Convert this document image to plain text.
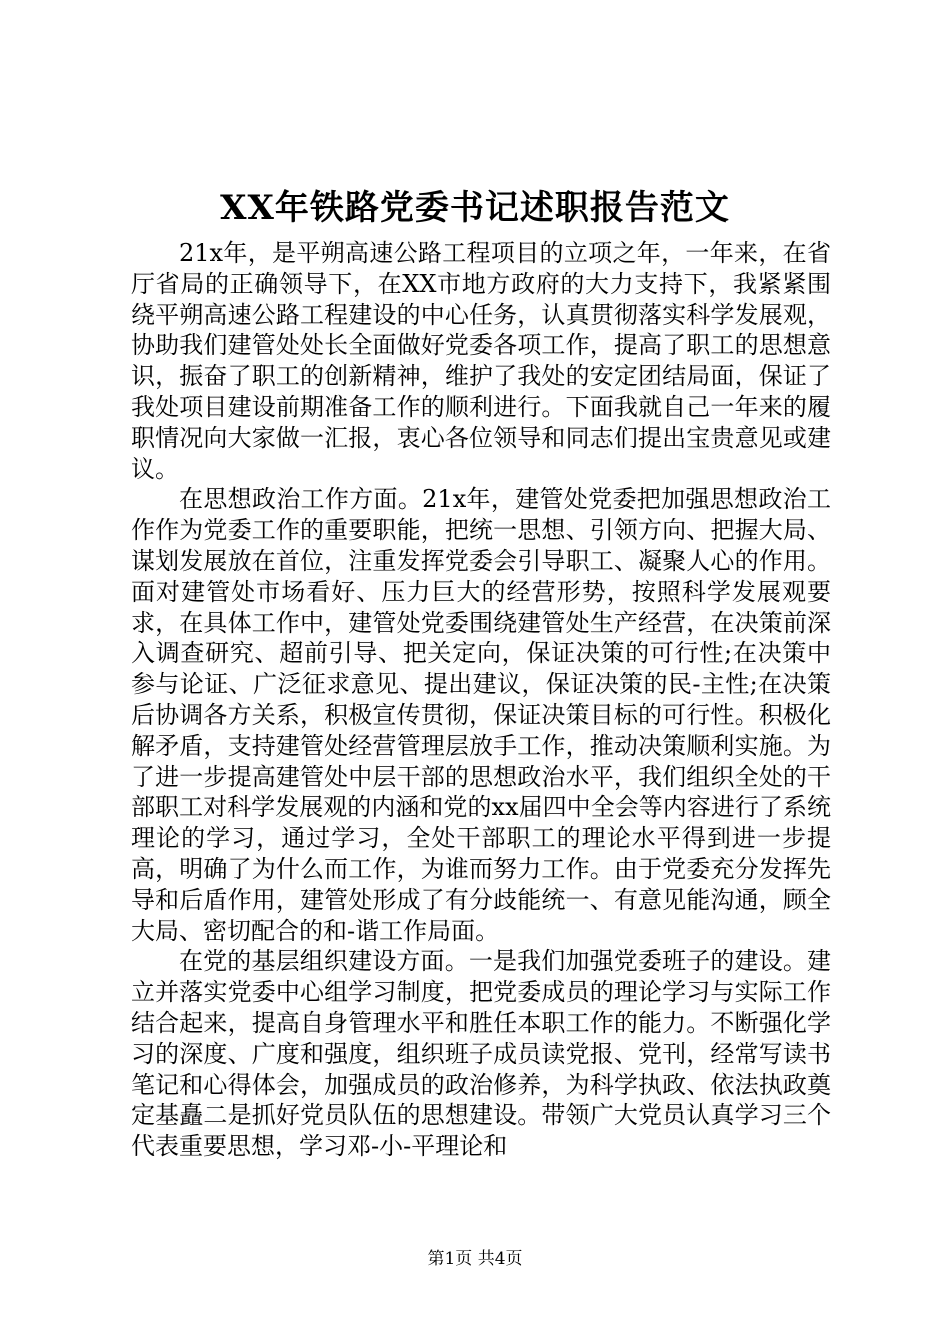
XX年铁路党委书记述职报告范文

21x年，是平朔高速公路工程项目的立项之年，一年来，在省厅省局的正确领导下，在XX市地方政府的大力支持下，我紧紧围绕平朔高速公路工程建设的中心任务，认真贯彻落实科学发展观，协助我们建管处处长全面做好党委各项工作，提高了职工的思想意识，振奋了职工的创新精神，维护了我处的安定团结局面，保证了我处项目建设前期准备工作的顺利进行。下面我就自己一年来的履职情况向大家做一汇报，衷心各位领导和同志们提出宝贵意见或建议。

在思想政治工作方面。21x年，建管处党委把加强思想政治工作作为党委工作的重要职能，把统一思想、引领方向、把握大局、谋划发展放在首位，注重发挥党委会引导职工、凝聚人心的作用。面对建管处市场看好、压力巨大的经营形势，按照科学发展观要求，在具体工作中，建管处党委围绕建管处生产经营，在决策前深入调查研究、超前引导、把关定向，保证决策的可行性;在决策中参与论证、广泛征求意见、提出建议，保证决策的民-主性;在决策后协调各方关系，积极宣传贯彻，保证决策目标的可行性。积极化解矛盾，支持建管处经营管理层放手工作，推动决策顺利实施。为了进一步提高建管处中层干部的思想政治水平，我们组织全处的干部职工对科学发展观的内涵和党的xx届四中全会等内容进行了系统理论的学习，通过学习，全处干部职工的理论水平得到进一步提高，明确了为什么而工作，为谁而努力工作。由于党委充分发挥先导和后盾作用，建管处形成了有分歧能统一、有意见能沟通，顾全大局、密切配合的和-谐工作局面。

在党的基层组织建设方面。一是我们加强党委班子的建设。建立并落实党委中心组学习制度，把党委成员的理论学习与实际工作结合起来，提高自身管理水平和胜任本职工作的能力。不断强化学习的深度、广度和强度，组织班子成员读党报、党刊，经常写读书笔记和心得体会，加强成员的政治修养，为科学执政、依法执政奠定基矗二是抓好党员队伍的思想建设。带领广大党员认真学习三个代表重要思想，学习邓-小-平理论和

第1页 共4页
